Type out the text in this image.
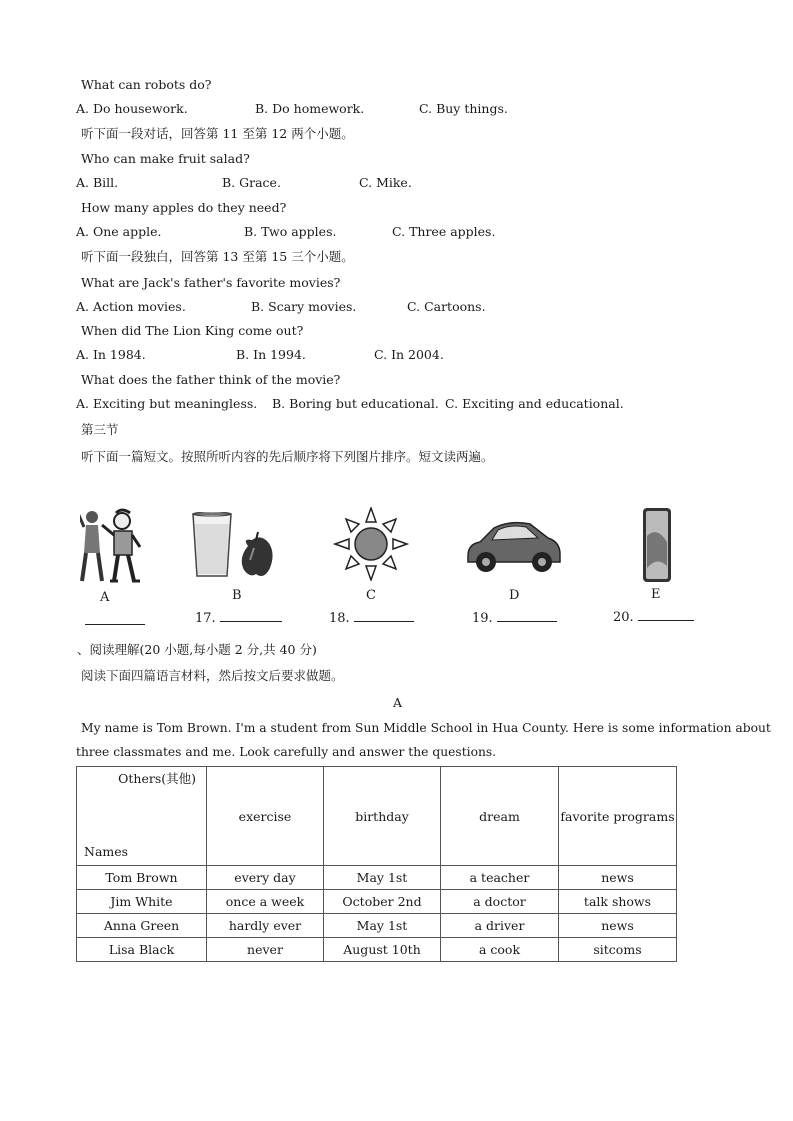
What can robots do?
A. Do housework.	B. Do homework.	C. Buy things.
听下面一段对话，回答第 11 至第 12 两个小题。
Who can make fruit salad?
A. Bill.	B. Grace.	C. Mike.
How many apples do they need?
A. One apple.	B. Two apples.	C. Three apples.
听下面一段独白，回答第 13 至第 15 三个小题。
What are Jack's father's favorite movies?
A. Action movies.	B. Scary movies.	C. Cartoons.
When did The Lion King come out?
A. In 1984.	B. In 1994.	C. In 2004.
What does the father think of the movie?
A. Exciting but meaningless. B. Boring but educational. C. Exciting and educational.
第三节
听下面一篇短文。按照所听内容的先后顺序将下列图片排序。短文读两遍。
A	B	C	D	E
17.	18.	19.	20.
、阅读理解(20 小题,每小题 2 分,共 40 分)
阅读下面四篇语言材料，然后按文后要求做题。
A
My name is Tom Brown. I'm a student from Sun Middle School in Hua County. Here is some information about
three classmates and me. Look carefully and answer the questions.
Others(其他)
Names	exercise	birthday	dream	favorite programs
Tom Brown	every day	May 1st	a teacher	news
Jim White	once a week	October 2nd	a doctor	talk shows
Anna Green	hardly ever	May 1st	a driver	news
Lisa Black	never	August 10th	a cook	sitcoms
